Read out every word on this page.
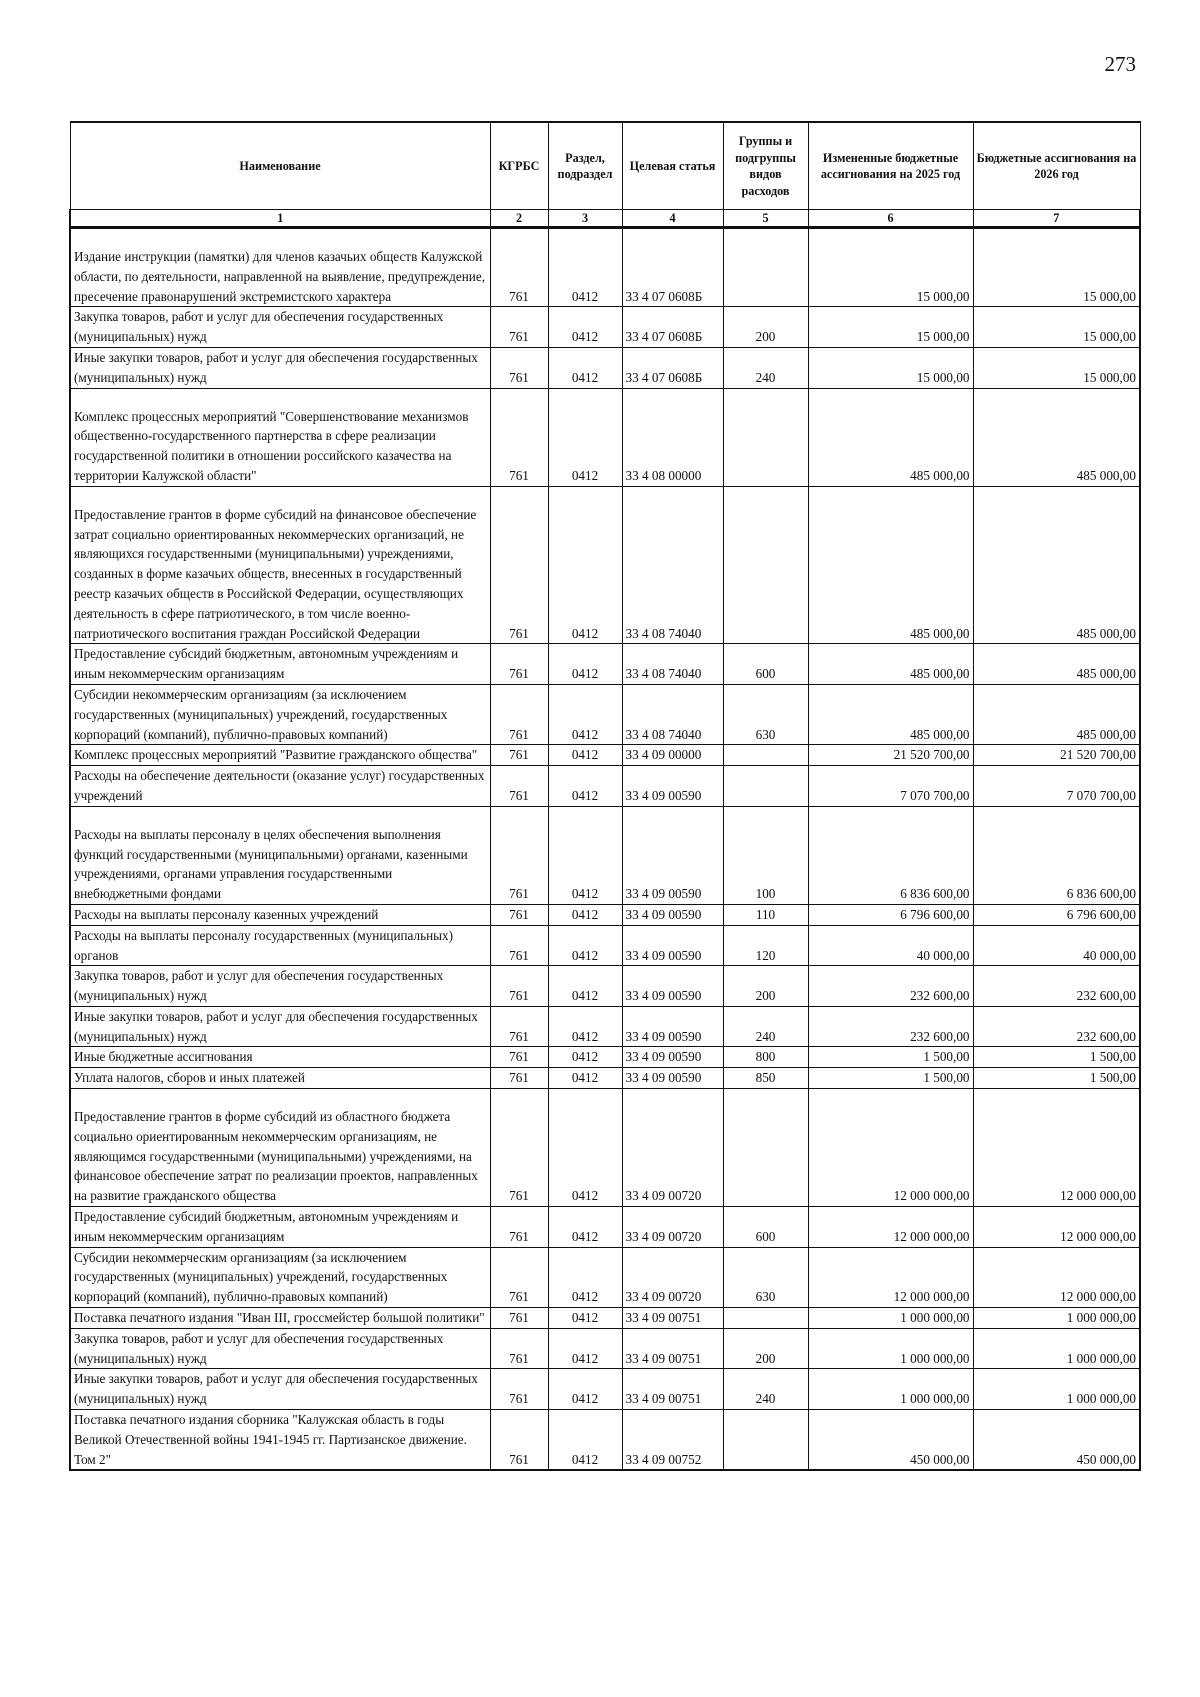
273
Наименование	КГРБС	Раздел, подраздел	Целевая статья	Группы и подгруппы видов расходов	Измененные бюджетные ассигнования на 2025 год	Бюджетные ассигнования на 2026 год
1	2	3	4	5	6	7
Издание инструкции (памятки) для членов казачьих обществ Калужской области, по деятельности, направленной на выявление, предупреждение, пресечение правонарушений экстремистского характера	761	0412	33 4 07 0608Б		15 000,00	15 000,00
Закупка товаров, работ и услуг для обеспечения государственных (муниципальных) нужд	761	0412	33 4 07 0608Б	200	15 000,00	15 000,00
Иные закупки товаров, работ и услуг для обеспечения государственных (муниципальных) нужд	761	0412	33 4 07 0608Б	240	15 000,00	15 000,00
Комплекс процессных мероприятий "Совершенствование механизмов общественно-государственного партнерства в сфере реализации государственной политики в отношении российского казачества на территории Калужской области"	761	0412	33 4 08 00000		485 000,00	485 000,00
Предоставление грантов в форме субсидий на финансовое обеспечение затрат социально ориентированных некоммерческих организаций, не являющихся государственными (муниципальными) учреждениями, созданных в форме казачьих обществ, внесенных в государственный реестр казачьих обществ в Российской Федерации, осуществляющих деятельность в сфере патриотического, в том числе военно-патриотического воспитания граждан Российской Федерации	761	0412	33 4 08 74040		485 000,00	485 000,00
Предоставление субсидий бюджетным, автономным учреждениям и иным некоммерческим организациям	761	0412	33 4 08 74040	600	485 000,00	485 000,00
Субсидии некоммерческим организациям (за исключением государственных (муниципальных) учреждений, государственных корпораций (компаний), публично-правовых компаний)	761	0412	33 4 08 74040	630	485 000,00	485 000,00
Комплекс процессных мероприятий "Развитие гражданского общества"	761	0412	33 4 09 00000		21 520 700,00	21 520 700,00
Расходы на обеспечение деятельности (оказание услуг) государственных учреждений	761	0412	33 4 09 00590		7 070 700,00	7 070 700,00
Расходы на выплаты персоналу в целях обеспечения выполнения функций государственными (муниципальными) органами, казенными учреждениями, органами управления государственными внебюджетными фондами	761	0412	33 4 09 00590	100	6 836 600,00	6 836 600,00
Расходы на выплаты персоналу казенных учреждений	761	0412	33 4 09 00590	110	6 796 600,00	6 796 600,00
Расходы на выплаты персоналу государственных (муниципальных) органов	761	0412	33 4 09 00590	120	40 000,00	40 000,00
Закупка товаров, работ и услуг для обеспечения государственных (муниципальных) нужд	761	0412	33 4 09 00590	200	232 600,00	232 600,00
Иные закупки товаров, работ и услуг для обеспечения государственных (муниципальных) нужд	761	0412	33 4 09 00590	240	232 600,00	232 600,00
Иные бюджетные ассигнования	761	0412	33 4 09 00590	800	1 500,00	1 500,00
Уплата налогов, сборов и иных платежей	761	0412	33 4 09 00590	850	1 500,00	1 500,00
Предоставление грантов в форме субсидий из областного бюджета социально ориентированным некоммерческим организациям, не являющимся государственными (муниципальными) учреждениями, на финансовое обеспечение затрат по реализации проектов, направленных на развитие гражданского общества	761	0412	33 4 09 00720		12 000 000,00	12 000 000,00
Предоставление субсидий бюджетным, автономным учреждениям и иным некоммерческим организациям	761	0412	33 4 09 00720	600	12 000 000,00	12 000 000,00
Субсидии некоммерческим организациям (за исключением государственных (муниципальных) учреждений, государственных корпораций (компаний), публично-правовых компаний)	761	0412	33 4 09 00720	630	12 000 000,00	12 000 000,00
Поставка печатного издания "Иван III, гроссмейстер большой политики"	761	0412	33 4 09 00751		1 000 000,00	1 000 000,00
Закупка товаров, работ и услуг для обеспечения государственных (муниципальных) нужд	761	0412	33 4 09 00751	200	1 000 000,00	1 000 000,00
Иные закупки товаров, работ и услуг для обеспечения государственных (муниципальных) нужд	761	0412	33 4 09 00751	240	1 000 000,00	1 000 000,00
Поставка печатного издания сборника "Калужская область в годы Великой Отечественной войны 1941-1945 гг. Партизанское движение. Том 2"	761	0412	33 4 09 00752		450 000,00	450 000,00
